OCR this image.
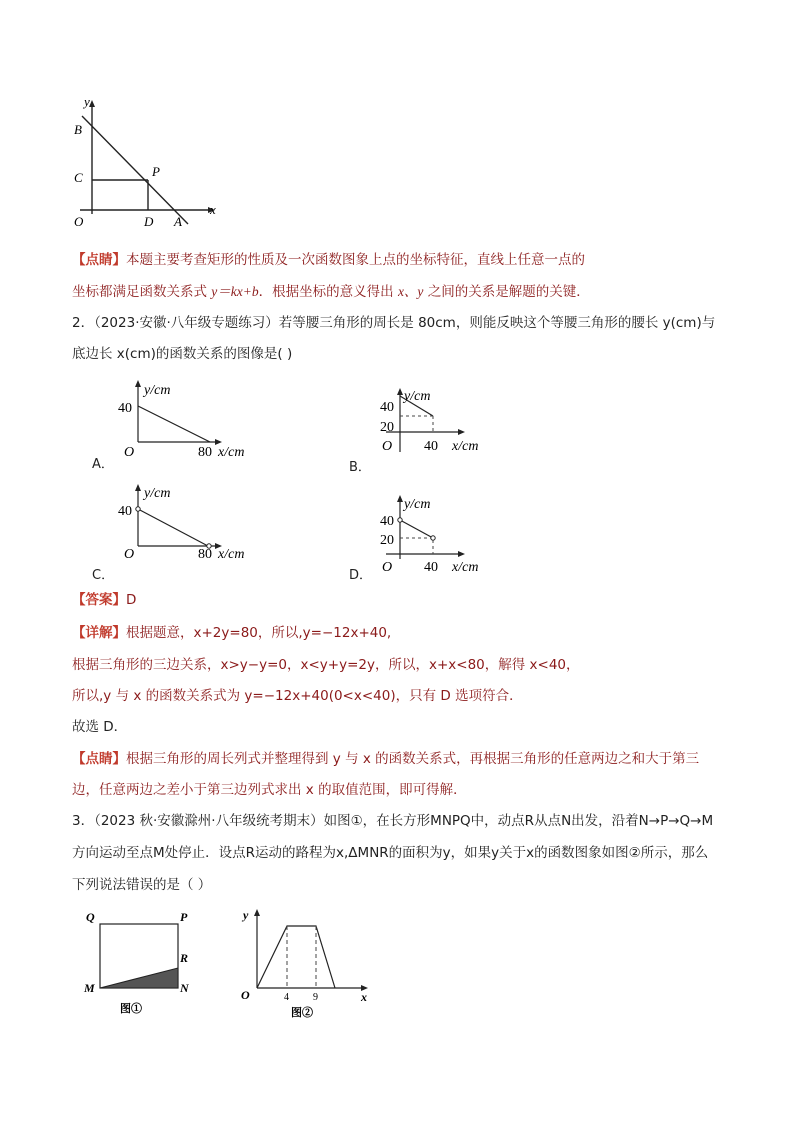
y
B
C	P
O	D A
x
【点睛】本题主要考查矩形的性质及一次函数图象上点的坐标特征，直线上任意一点的
坐标都满足函数关系式 y＝kx+b．根据坐标的意义得出 x、y 之间的关系是解题的关键．
2．（2023·安徽·八年级专题练习）若等腰三角形的周长是 80cm，则能反映这个等腰三角形的腰长 y(cm)与
底边长 x(cm)的函数关系的图像是( )
y/cm
40
O	80 x/cm
A．
y/cm
40
20
O 40 x/cm
B．
y/cm
40
O	80 x/cm
C．
y/cm
40
20
O 40 x/cm
D．
【答案】D
【详解】根据题意，x+2y=80，所以,y=−12x+40,
根据三角形的三边关系，x>y−y=0，x<y+y=2y，所以，x+x<80，解得 x<40，
所以,y 与 x 的函数关系式为 y=−12x+40(0<x<40)，只有 D 选项符合．
故选 D．
【点睛】根据三角形的周长列式并整理得到 y 与 x 的函数关系式，再根据三角形的任意两边之和大于第三
边，任意两边之差小于第三边列式求出 x 的取值范围，即可得解．
3．（2023 秋·安徽滁州·八年级统考期末）如图①，在长方形MNPQ中，动点R从点N出发，沿着N→P→Q→M
方向运动至点M处停止．设点R运动的路程为x,ΔMNR的面积为y，如果y关于x的函数图象如图②所示，那么
下列说法错误的是（ ）
Q	P
R
M	N
图①
y
O	4 9	x
图②
